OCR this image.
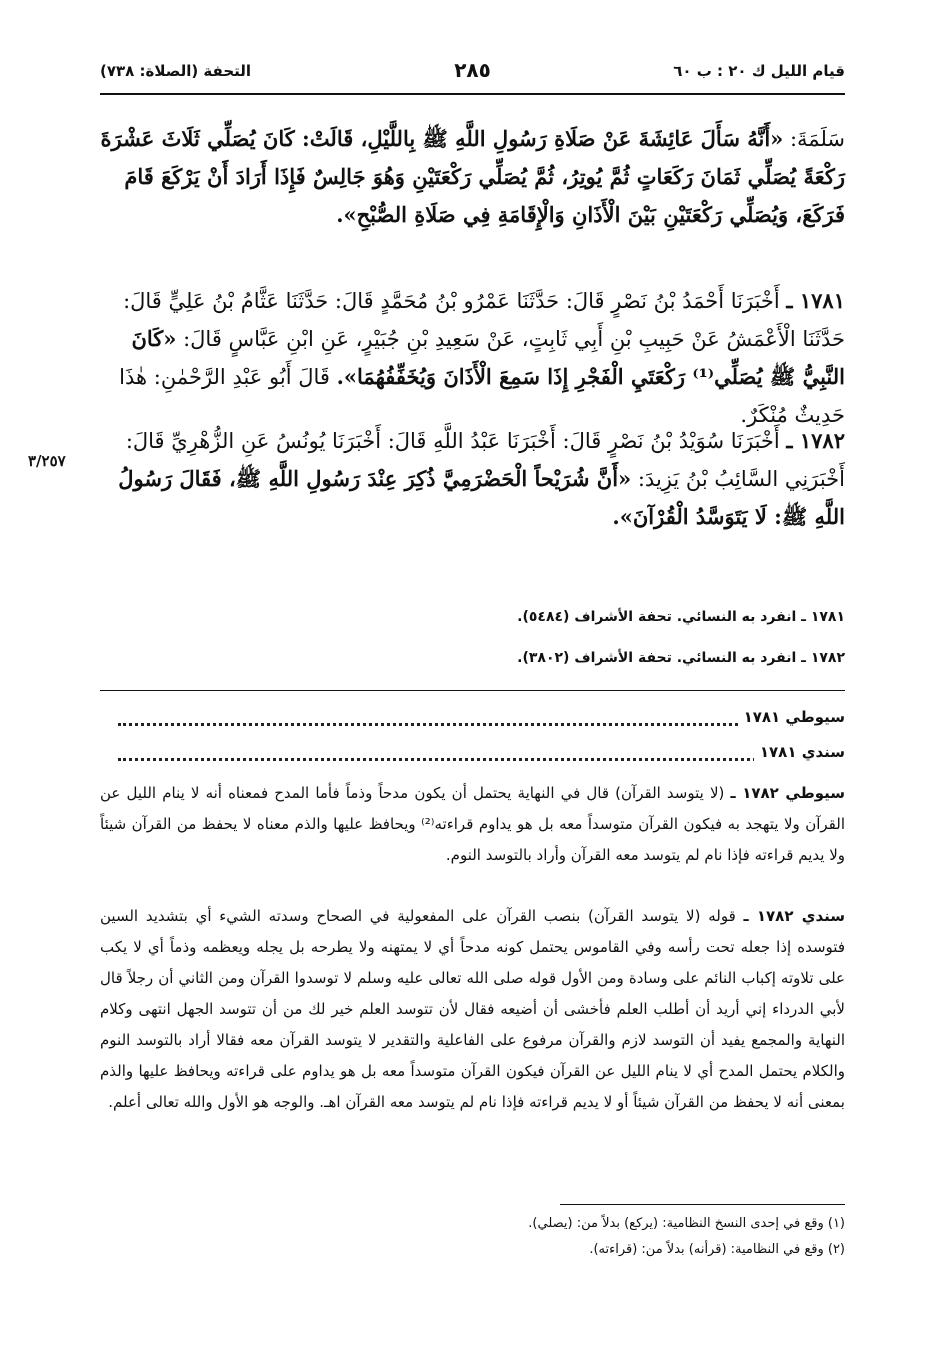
قيام الليل ك ٢٠ : ب ٦٠
٢٨٥
التحفة (الصلاة: ٧٣٨)
سَلَمَةَ: «أَنَّهُ سَأَلَ عَائِشَةَ عَنْ صَلَاةِ رَسُولِ اللَّهِ ﷺ بِاللَّيْلِ، قَالَتْ: كَانَ يُصَلِّي ثَلَاثَ عَشْرَةَ رَكْعَةً يُصَلِّي ثَمَانَ رَكَعَاتٍ ثُمَّ يُوتِرُ، ثُمَّ يُصَلِّي رَكْعَتَيْنِ وَهُوَ جَالِسٌ فَإِذَا أَرَادَ أَنْ يَرْكَعَ قَامَ فَرَكَعَ، وَيُصَلِّي رَكْعَتَيْنِ بَيْنَ الْأَذَانِ وَالْإِقَامَةِ فِي صَلَاةِ الصُّبْحِ».
١٧٨١ ـ أَخْبَرَنَا أَحْمَدُ بْنُ نَصْرٍ قَالَ: حَدَّثَنَا عَمْرُو بْنُ مُحَمَّدٍ قَالَ: حَدَّثَنَا عَثَّامُ بْنُ عَلِيٍّ قَالَ: حَدَّثَنَا الْأَعْمَشُ عَنْ حَبِيبِ بْنِ أَبِي ثَابِتٍ، عَنْ سَعِيدِ بْنِ جُبَيْرٍ، عَنِ ابْنِ عَبَّاسٍ قَالَ: «كَانَ النَّبِيُّ ﷺ يُصَلِّي⁽¹⁾ رَكْعَتَيِ الْفَجْرِ إِذَا سَمِعَ الْأَذَانَ وَيُخَفِّفُهُمَا». قَالَ أَبُو عَبْدِ الرَّحْمٰنِ: هٰذَا حَدِيثٌ مُنْكَرٌ.
٣/٢٥٧
١٧٨٢ ـ أَخْبَرَنَا سُوَيْدُ بْنُ نَصْرٍ قَالَ: أَخْبَرَنَا عَبْدُ اللَّهِ قَالَ: أَخْبَرَنَا يُونُسُ عَنِ الزُّهْرِيِّ قَالَ: أَخْبَرَنِي السَّائِبُ بْنُ يَزِيدَ: «أَنَّ شُرَيْحاً الْحَضْرَمِيَّ ذُكِرَ عِنْدَ رَسُولِ اللَّهِ ﷺ، فَقَالَ رَسُولُ اللَّهِ ﷺ: لَا يَتَوَسَّدُ الْقُرْآنَ».
١٧٨١ ـ انفرد به النسائي. تحفة الأشراف (٥٤٨٤).
١٧٨٢ ـ انفرد به النسائي. تحفة الأشراف (٣٨٠٢).
سيوطي ١٧٨١
سندي ١٧٨١
سيوطي ١٧٨٢ ـ (لا يتوسد القرآن) قال في النهاية يحتمل أن يكون مدحاً وذماً فأما المدح فمعناه أنه لا ينام الليل عن القرآن ولا يتهجد به فيكون القرآن متوسداً معه بل هو يداوم قراءته⁽²⁾ ويحافظ عليها والذم معناه لا يحفظ من القرآن شيئاً ولا يديم قراءته فإذا نام لم يتوسد معه القرآن وأراد بالتوسد النوم.
سندي ١٧٨٢ ـ قوله (لا يتوسد القرآن) بنصب القرآن على المفعولية في الصحاح وسدته الشيء أي بتشديد السين فتوسده إذا جعله تحت رأسه وفي القاموس يحتمل كونه مدحاً أي لا يمتهنه ولا يطرحه بل يجله ويعظمه وذماً أي لا يكب على تلاوته إكباب النائم على وسادة ومن الأول قوله صلى الله تعالى عليه وسلم لا توسدوا القرآن ومن الثاني أن رجلاً قال لأبي الدرداء إني أريد أن أطلب العلم فأخشى أن أضيعه فقال لأن تتوسد العلم خير لك من أن تتوسد الجهل انتهى وكلام النهاية والمجمع يفيد أن التوسد لازم والقرآن مرفوع على الفاعلية والتقدير لا يتوسد القرآن معه فقالا أراد بالتوسد النوم والكلام يحتمل المدح أي لا ينام الليل عن القرآن فيكون القرآن متوسداً معه بل هو يداوم على قراءته ويحافظ عليها والذم بمعنى أنه لا يحفظ من القرآن شيئاً أو لا يديم قراءته فإذا نام لم يتوسد معه القرآن اهـ. والوجه هو الأول والله تعالى أعلم.
(١) وقع في إحدى النسخ النظامية: (يركع) بدلاً من: (يصلي).
(٢) وقع في النظامية: (قرأنه) بدلاً من: (قراءته).
